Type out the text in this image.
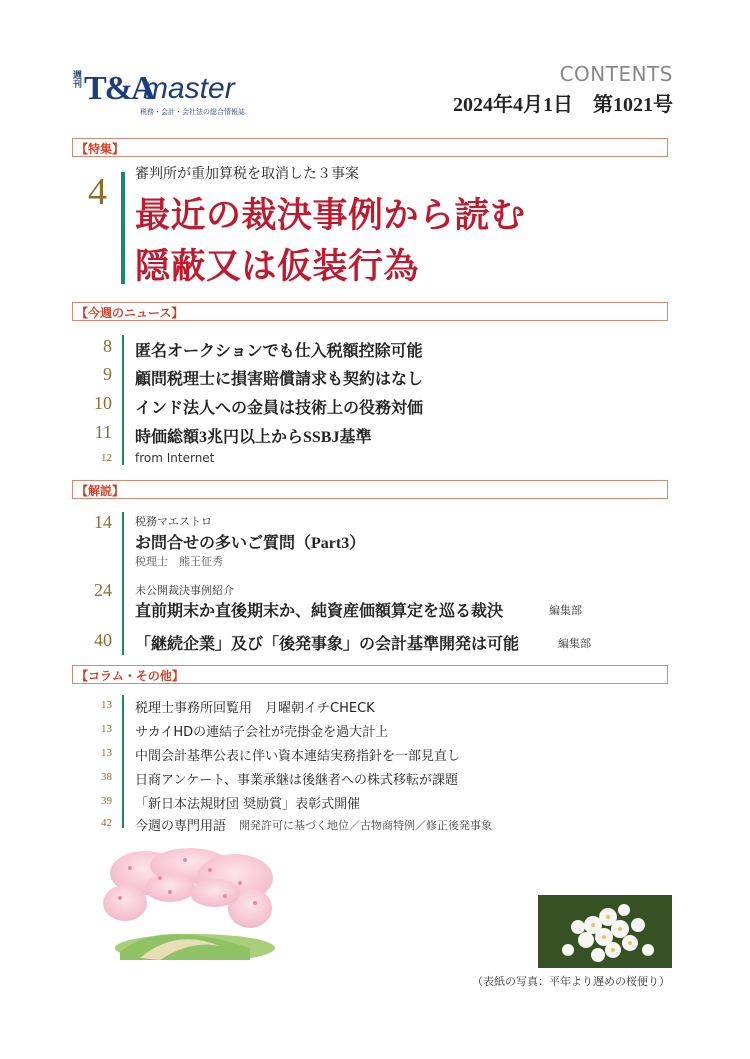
週刊 T&A
master
税務・会計・会社法の総合情報誌
CONTENTS
2024年4月1日　第1021号
【特集】
4 審判所が重加算税を取消した３事案
最近の裁決事例から読む
隠蔽又は仮装行為
【今週のニュース】
8 匿名オークションでも仕入税額控除可能
9 顧問税理士に損害賠償請求も契約はなし
10 インド法人への金員は技術上の役務対価
11 時価総額3兆円以上からSSBJ基準
12 from Internet
【解説】
14 税務マエストロ
お問合せの多いご質問（Part3）
税理士　熊王征秀
24 未公開裁決事例紹介
直前期末か直後期末か、純資産価額算定を巡る裁決	編集部
40 「継続企業」及び「後発事象」の会計基準開発は可能	編集部
【コラム・その他】
13 税理士事務所回覧用　月曜朝イチCHECK
13 サカイHDの連結子会社が売掛金を過大計上
13 中間会計基準公表に伴い資本連結実務指針を一部見直し
38 日商アンケート、事業承継は後継者への株式移転が課題
39 「新日本法規財団 奨励賞」表彰式開催
42 今週の専門用語 開発許可に基づく地位／古物商特例／修正後発事象
（表紙の写真：平年より遅めの桜便り）
